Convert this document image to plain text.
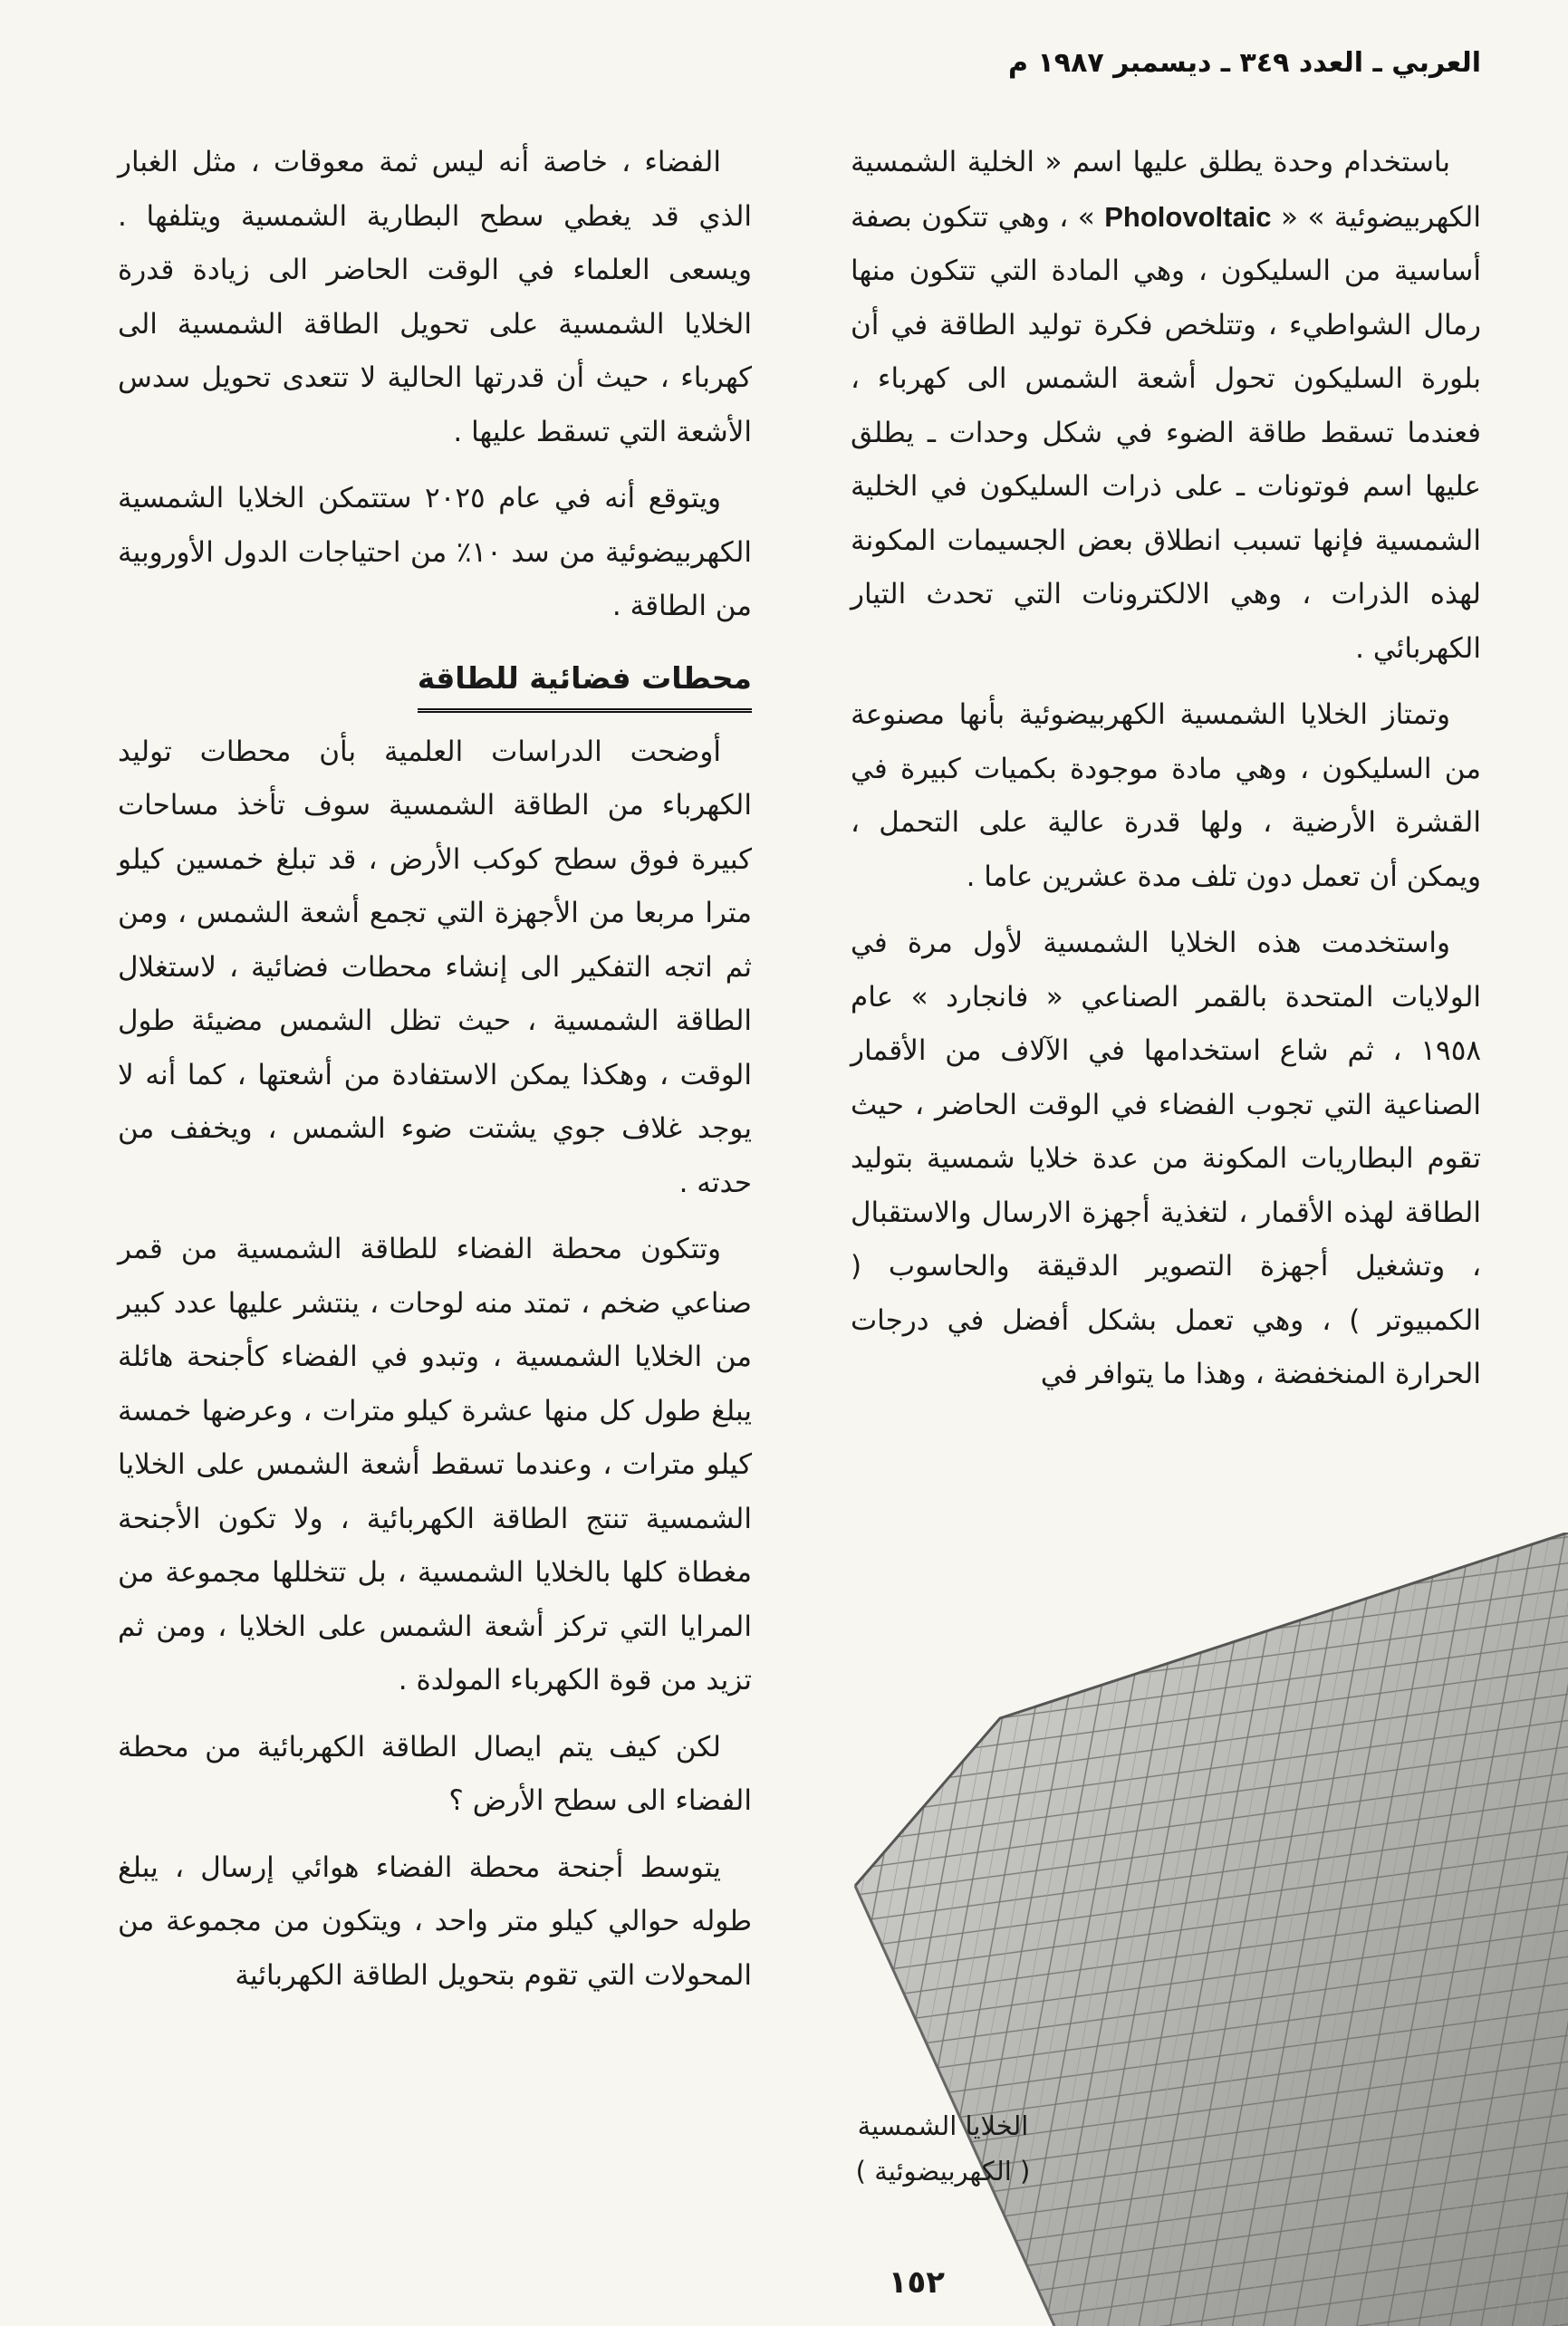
العربي ـ العدد ٣٤٩ ـ ديسمبر ١٩٨٧ م

باستخدام وحدة يطلق عليها اسم « الخلية الشمسية الكهربيضوئية » « Pholovoltaic » ، وهي تتكون بصفة أساسية من السليكون ، وهي المادة التي تتكون منها رمال الشواطيء ، وتتلخص فكرة توليد الطاقة في أن بلورة السليكون تحول أشعة الشمس الى كهرباء ، فعندما تسقط طاقة الضوء في شكل وحدات ـ يطلق عليها اسم فوتونات ـ على ذرات السليكون في الخلية الشمسية فإنها تسبب انطلاق بعض الجسيمات المكونة لهذه الذرات ، وهي الالكترونات التي تحدث التيار الكهربائي .

وتمتاز الخلايا الشمسية الكهربيضوئية بأنها مصنوعة من السليكون ، وهي مادة موجودة بكميات كبيرة في القشرة الأرضية ، ولها قدرة عالية على التحمل ، ويمكن أن تعمل دون تلف مدة عشرين عاما .

واستخدمت هذه الخلايا الشمسية لأول مرة في الولايات المتحدة بالقمر الصناعي « فانجارد » عام ١٩٥٨ ، ثم شاع استخدامها في الآلاف من الأقمار الصناعية التي تجوب الفضاء في الوقت الحاضر ، حيث تقوم البطاريات المكونة من عدة خلايا شمسية بتوليد الطاقة لهذه الأقمار ، لتغذية أجهزة الارسال والاستقبال ، وتشغيل أجهزة التصوير الدقيقة والحاسوب ( الكمبيوتر ) ، وهي تعمل بشكل أفضل في درجات الحرارة المنخفضة ، وهذا ما يتوافر في

الفضاء ، خاصة أنه ليس ثمة معوقات ، مثل الغبار الذي قد يغطي سطح البطارية الشمسية ويتلفها . ويسعى العلماء في الوقت الحاضر الى زيادة قدرة الخلايا الشمسية على تحويل الطاقة الشمسية الى كهرباء ، حيث أن قدرتها الحالية لا تتعدى تحويل سدس الأشعة التي تسقط عليها .

ويتوقع أنه في عام ٢٠٢٥ ستتمكن الخلايا الشمسية الكهربيضوئية من سد ١٠٪ من احتياجات الدول الأوروبية من الطاقة .

محطات فضائية للطاقة

أوضحت الدراسات العلمية بأن محطات توليد الكهرباء من الطاقة الشمسية سوف تأخذ مساحات كبيرة فوق سطح كوكب الأرض ، قد تبلغ خمسين كيلو مترا مربعا من الأجهزة التي تجمع أشعة الشمس ، ومن ثم اتجه التفكير الى إنشاء محطات فضائية ، لاستغلال الطاقة الشمسية ، حيث تظل الشمس مضيئة طول الوقت ، وهكذا يمكن الاستفادة من أشعتها ، كما أنه لا يوجد غلاف جوي يشتت ضوء الشمس ، ويخفف من حدته .

وتتكون محطة الفضاء للطاقة الشمسية من قمر صناعي ضخم ، تمتد منه لوحات ، ينتشر عليها عدد كبير من الخلايا الشمسية ، وتبدو في الفضاء كأجنحة هائلة يبلغ طول كل منها عشرة كيلو مترات ، وعرضها خمسة كيلو مترات ، وعندما تسقط أشعة الشمس على الخلايا الشمسية تنتج الطاقة الكهربائية ، ولا تكون الأجنحة مغطاة كلها بالخلايا الشمسية ، بل تتخللها مجموعة من المرايا التي تركز أشعة الشمس على الخلايا ، ومن ثم تزيد من قوة الكهرباء المولدة .

لكن كيف يتم ايصال الطاقة الكهربائية من محطة الفضاء الى سطح الأرض ؟

يتوسط أجنحة محطة الفضاء هوائي إرسال ، يبلغ طوله حوالي كيلو متر واحد ، ويتكون من مجموعة من المحولات التي تقوم بتحويل الطاقة الكهربائية

الخلايا الشمسية
( الكهربيضوئية )
١٥٢
